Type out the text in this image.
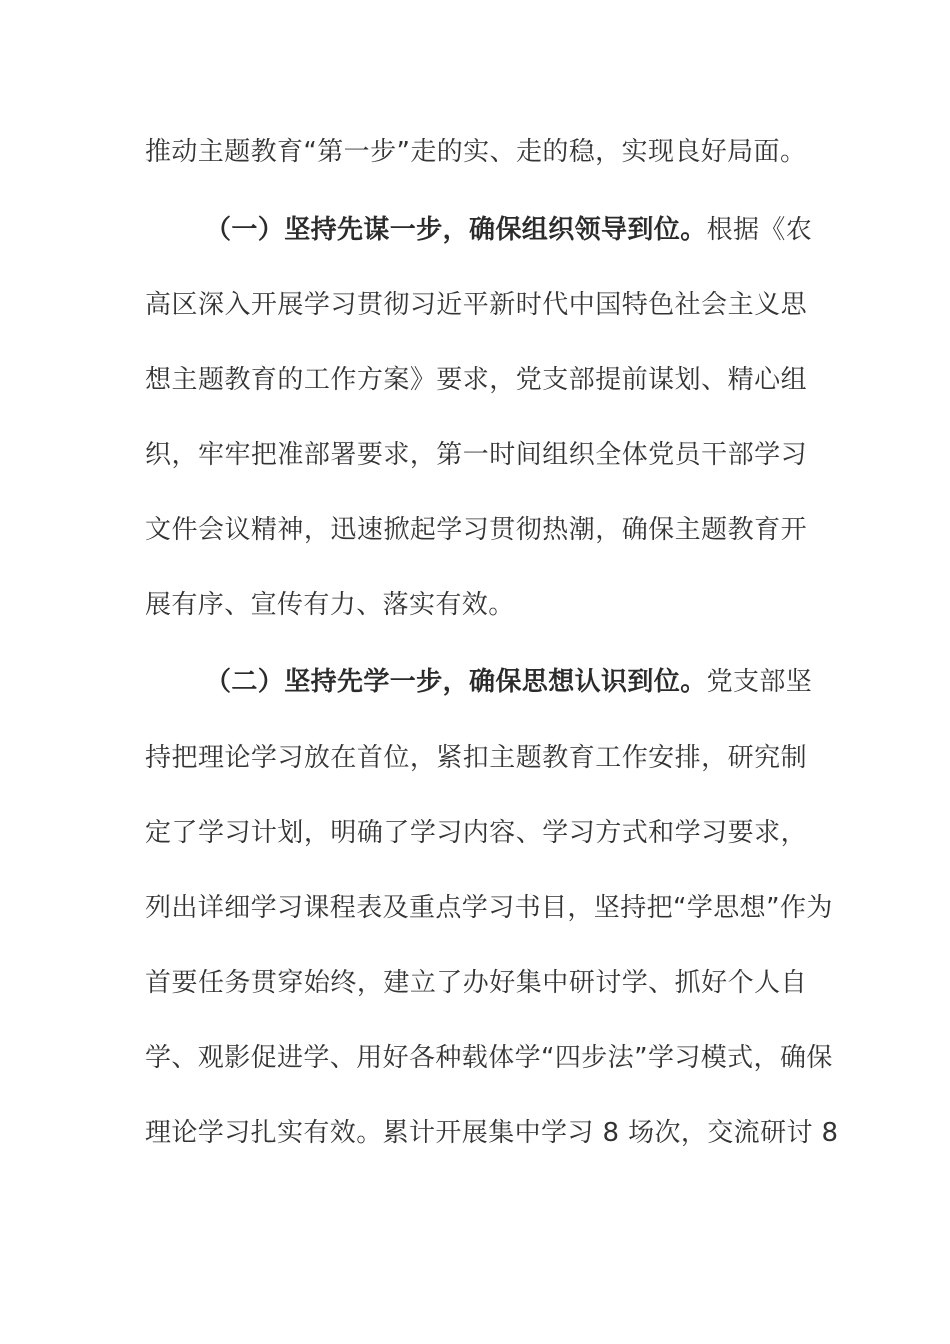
推动主题教育“第一步”走的实、走的稳，实现良好局面。
（一）坚持先谋一步，确保组织领导到位。根据《农
高区深入开展学习贯彻习近平新时代中国特色社会主义思
想主题教育的工作方案》要求，党支部提前谋划、精心组
织，牢牢把准部署要求，第一时间组织全体党员干部学习
文件会议精神，迅速掀起学习贯彻热潮，确保主题教育开
展有序、宣传有力、落实有效。
（二）坚持先学一步，确保思想认识到位。党支部坚
持把理论学习放在首位，紧扣主题教育工作安排，研究制
定了学习计划，明确了学习内容、学习方式和学习要求，
列出详细学习课程表及重点学习书目，坚持把“学思想”作为
首要任务贯穿始终，建立了办好集中研讨学、抓好个人自
学、观影促进学、用好各种载体学“四步法”学习模式，确保
理论学习扎实有效。累计开展集中学习 8 场次，交流研讨 8
